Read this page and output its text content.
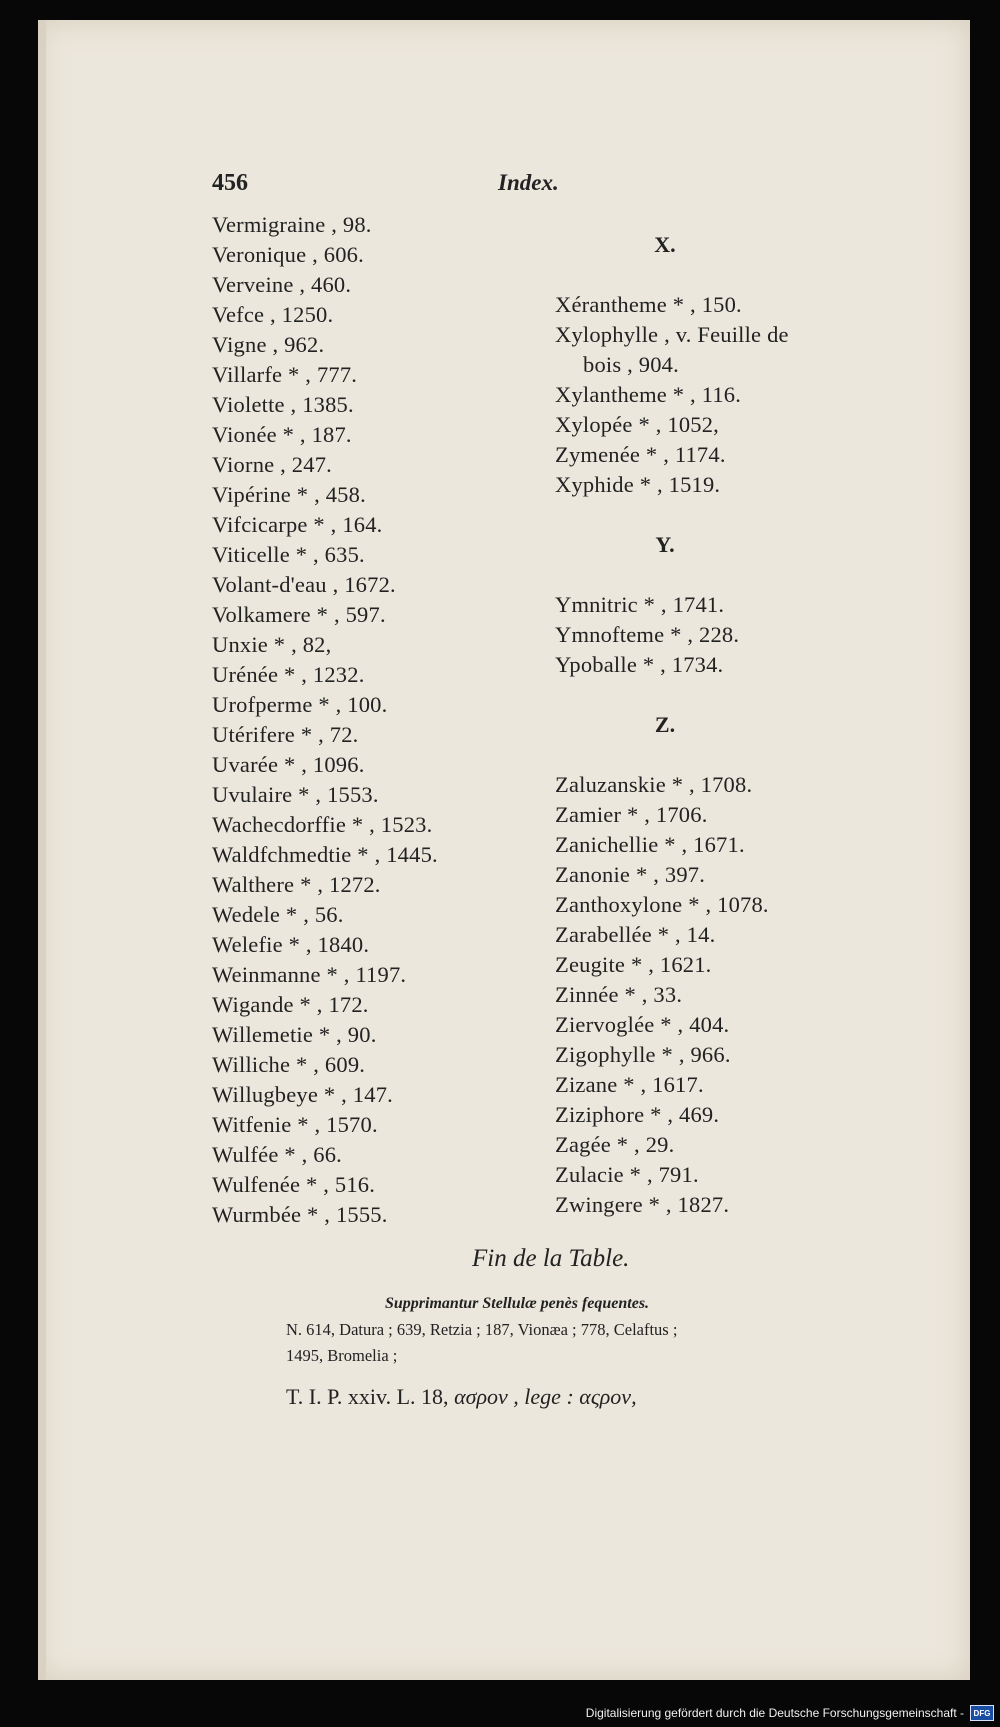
456	Index.
Vermigraine , 98.
Veronique , 606.
Verveine , 460.
Vefce , 1250.
Vigne , 962.
Villarfe * , 777.
Violette , 1385.
Vionée * , 187.
Viorne , 247.
Vipérine * , 458.
Vifcicarpe * , 164.
Viticelle * , 635.
Volant-d'eau , 1672.
Volkamere * , 597.
Unxie * , 82,
Urénée * , 1232.
Urofperme * , 100.
Utérifere * , 72.
Uvarée * , 1096.
Uvulaire * , 1553.
Wachecdorffie * , 1523.
Waldfchmedtie * , 1445.
Walthere * , 1272.
Wedele * , 56.
Welefie * , 1840.
Weinmanne * , 1197.
Wigande * , 172.
Willemetie * , 90.
Williche * , 609.
Willugbeye * , 147.
Witfenie * , 1570.
Wulfée * , 66.
Wulfenée * , 516.
Wurmbée * , 1555.
X.
Xérantheme * , 150.
Xylophylle , v. Feuille de
bois , 904.
Xylantheme * , 116.
Xylopée * , 1052,
Zymenée * , 1174.
Xyphide * , 1519.
Y.
Ymnitric * , 1741.
Ymnofteme * , 228.
Ypoballe * , 1734.
Z.
Zaluzanskie * , 1708.
Zamier * , 1706.
Zanichellie * , 1671.
Zanonie * , 397.
Zanthoxylone * , 1078.
Zarabellée * , 14.
Zeugite * , 1621.
Zinnée * , 33.
Ziervoglée * , 404.
Zigophylle * , 966.
Zizane * , 1617.
Ziziphore * , 469.
Zagée * , 29.
Zulacie * , 791.
Zwingere * , 1827.
Fin de la Table.
Supprimantur Stellulæ penès fequentes.
N. 614, Datura ; 639, Retzia ; 187, Vionæa ; 778, Celaftus ;
1495, Bromelia ;
T. I. P. xxiv. L. 18, ασρον , lege : αςρον,
Digitalisierung gefördert durch die Deutsche Forschungsgemeinschaft -	DFG
